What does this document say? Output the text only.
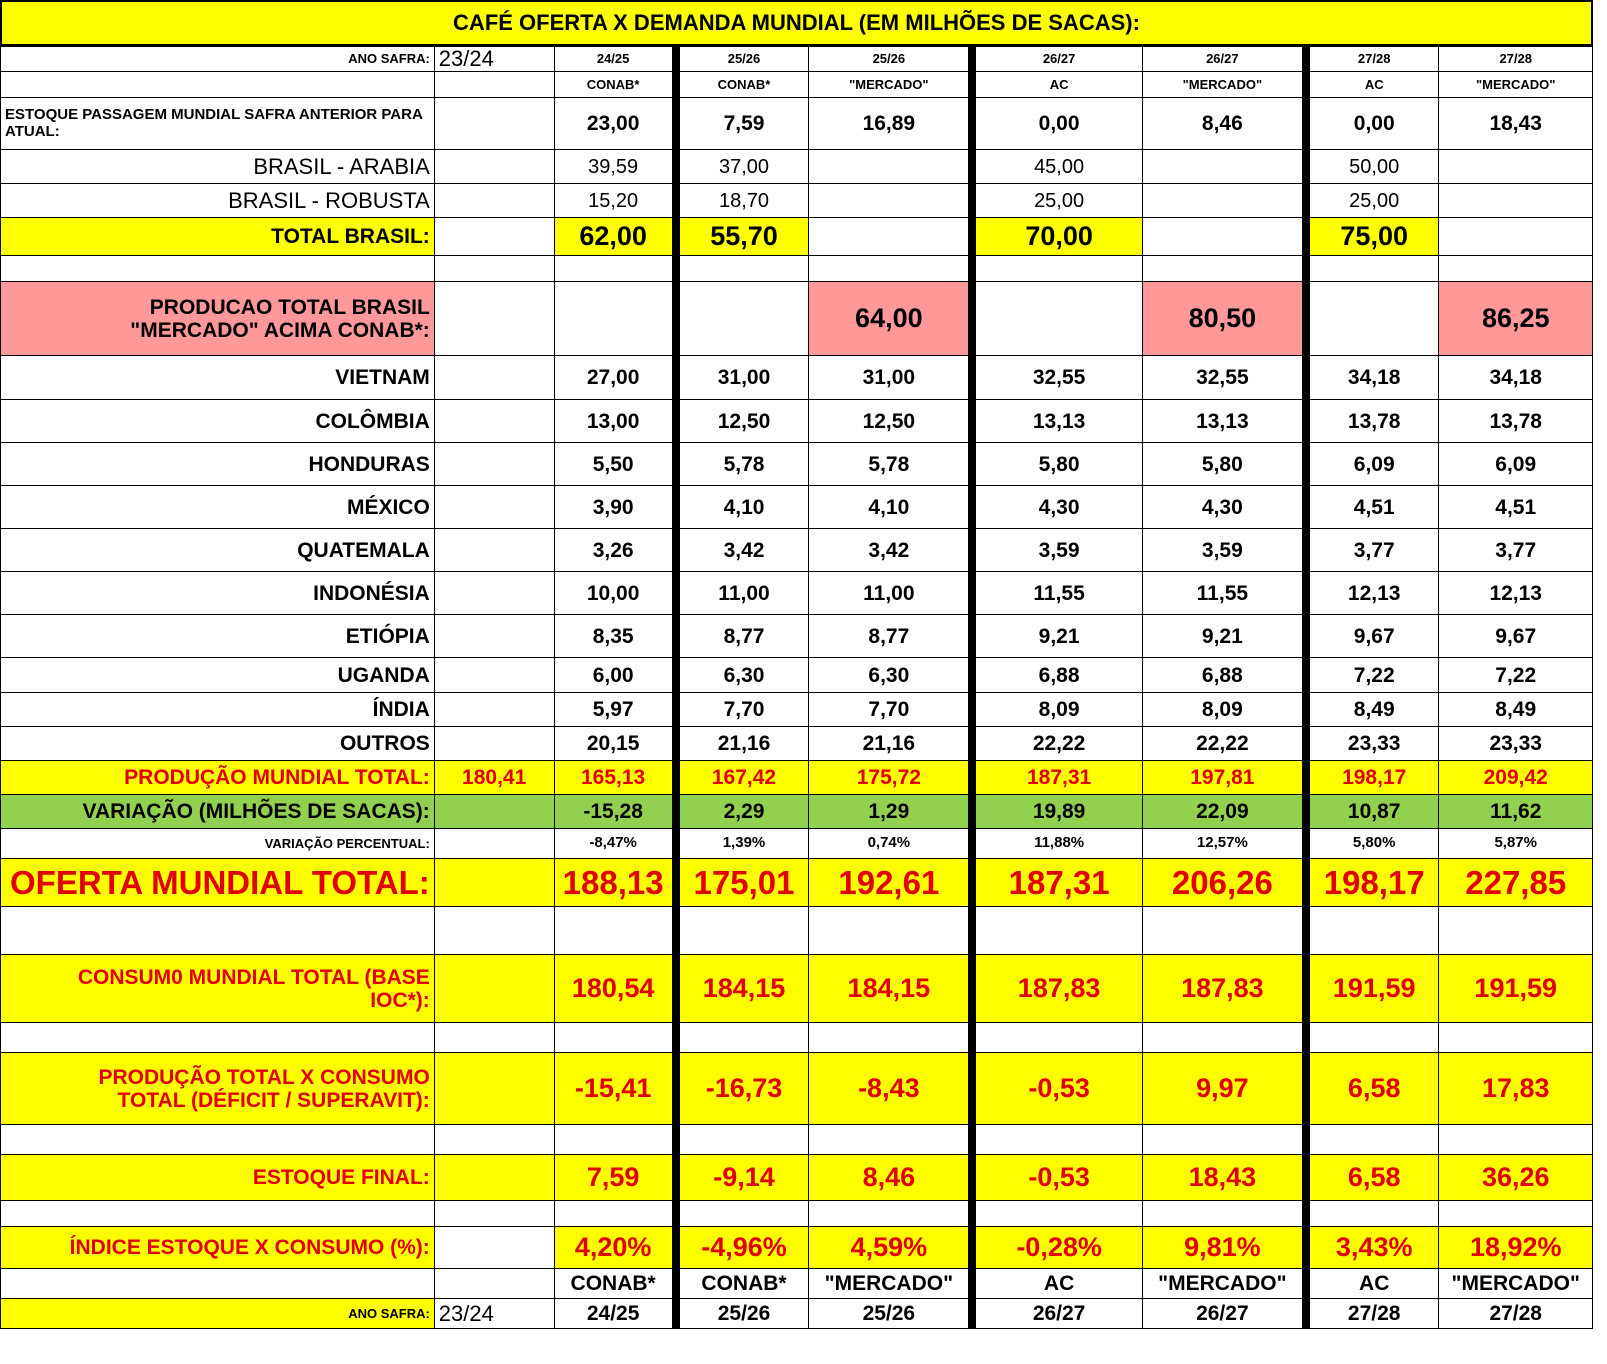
CAFÉ OFERTA X DEMANDA MUNDIAL (EM MILHÕES DE SACAS):
ANO SAFRA:	23/24	24/25	25/26	25/26	26/27	26/27	27/28	27/28
		CONAB*	CONAB*	"MERCADO"	AC	"MERCADO"	AC	"MERCADO"
ESTOQUE PASSAGEM MUNDIAL SAFRA ANTERIOR PARA ATUAL:		23,00	7,59	16,89	0,00	8,46	0,00	18,43
BRASIL - ARABIA		39,59	37,00		45,00		50,00	
BRASIL - ROBUSTA		15,20	18,70		25,00		25,00	
TOTAL BRASIL:		62,00	55,70		70,00		75,00	

PRODUCAO TOTAL BRASIL
"MERCADO" ACIMA CONAB*:				64,00		80,50		86,25
VIETNAM		27,00	31,00	31,00	32,55	32,55	34,18	34,18
COLÔMBIA		13,00	12,50	12,50	13,13	13,13	13,78	13,78
HONDURAS		5,50	5,78	5,78	5,80	5,80	6,09	6,09
MÉXICO		3,90	4,10	4,10	4,30	4,30	4,51	4,51
QUATEMALA		3,26	3,42	3,42	3,59	3,59	3,77	3,77
INDONÉSIA		10,00	11,00	11,00	11,55	11,55	12,13	12,13
ETIÓPIA		8,35	8,77	8,77	9,21	9,21	9,67	9,67
UGANDA		6,00	6,30	6,30	6,88	6,88	7,22	7,22
ÍNDIA		5,97	7,70	7,70	8,09	8,09	8,49	8,49
OUTROS		20,15	21,16	21,16	22,22	22,22	23,33	23,33
PRODUÇÃO MUNDIAL TOTAL:	180,41	165,13	167,42	175,72	187,31	197,81	198,17	209,42
VARIAÇÃO (MILHÕES DE SACAS):		-15,28	2,29	1,29	19,89	22,09	10,87	11,62
VARIAÇÃO PERCENTUAL:		-8,47%	1,39%	0,74%	11,88%	12,57%	5,80%	5,87%
OFERTA MUNDIAL TOTAL:		188,13	175,01	192,61	187,31	206,26	198,17	227,85

CONSUM0 MUNDIAL TOTAL (BASE
IOC*):		180,54	184,15	184,15	187,83	187,83	191,59	191,59

PRODUÇÃO TOTAL X CONSUMO
TOTAL (DÉFICIT / SUPERAVIT):		-15,41	-16,73	-8,43	-0,53	9,97	6,58	17,83

ESTOQUE FINAL:		7,59	-9,14	8,46	-0,53	18,43	6,58	36,26

ÍNDICE ESTOQUE X CONSUMO (%):		4,20%	-4,96%	4,59%	-0,28%	9,81%	3,43%	18,92%
		CONAB*	CONAB*	"MERCADO"	AC	"MERCADO"	AC	"MERCADO"
ANO SAFRA:	23/24	24/25	25/26	25/26	26/27	26/27	27/28	27/28
